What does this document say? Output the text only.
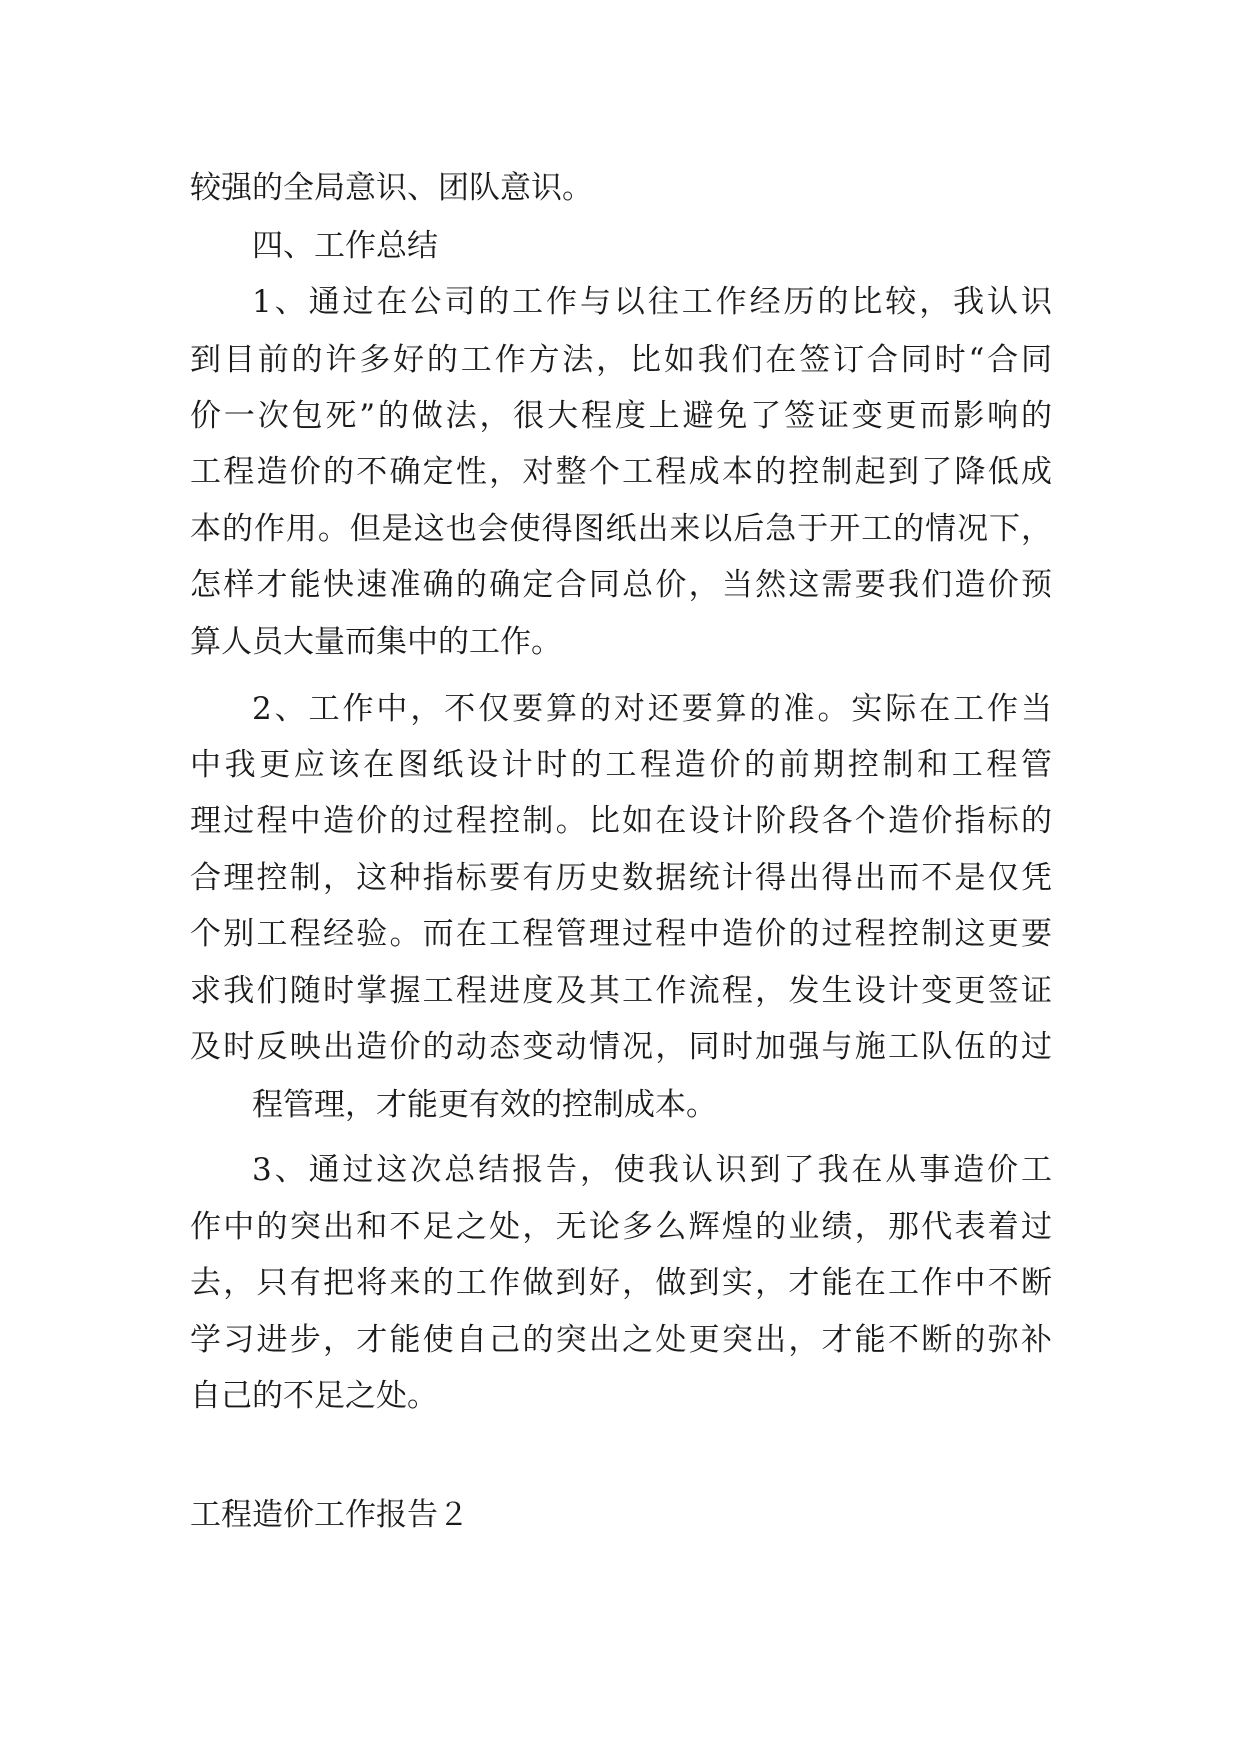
较强的全局意识、团队意识。
四、工作总结
1、通过在公司的工作与以往工作经历的比较，我认识
到目前的许多好的工作方法，比如我们在签订合同时“合同
价一次包死”的做法，很大程度上避免了签证变更而影响的
工程造价的不确定性，对整个工程成本的控制起到了降低成
本的作用。但是这也会使得图纸出来以后急于开工的情况下，
怎样才能快速准确的确定合同总价，当然这需要我们造价预
算人员大量而集中的工作。
2、工作中，不仅要算的对还要算的准。实际在工作当
中我更应该在图纸设计时的工程造价的前期控制和工程管
理过程中造价的过程控制。比如在设计阶段各个造价指标的
合理控制，这种指标要有历史数据统计得出得出而不是仅凭
个别工程经验。而在工程管理过程中造价的过程控制这更要
求我们随时掌握工程进度及其工作流程，发生设计变更签证
及时反映出造价的动态变动情况，同时加强与施工队伍的过
程管理，才能更有效的控制成本。
3、通过这次总结报告，使我认识到了我在从事造价工
作中的突出和不足之处，无论多么辉煌的业绩，那代表着过
去，只有把将来的工作做到好，做到实，才能在工作中不断
学习进步，才能使自己的突出之处更突出，才能不断的弥补
自己的不足之处。
工程造价工作报告２
